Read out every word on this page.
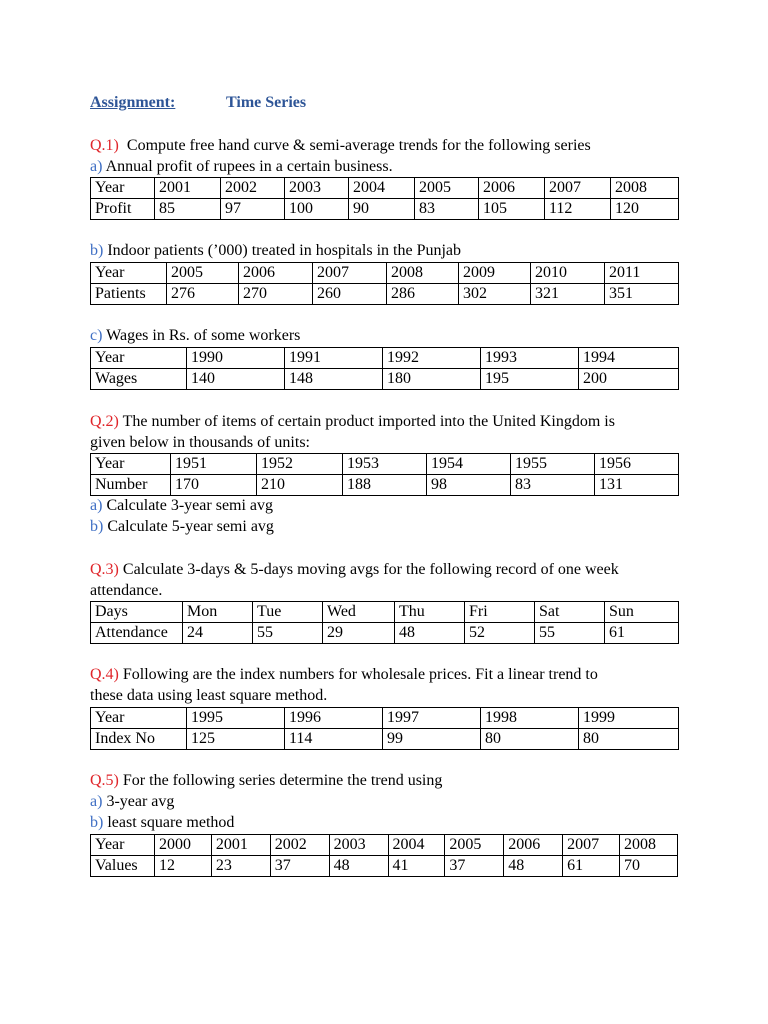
Assignment:	Time Series
Q.1) Compute free hand curve & semi-average trends for the following series
a) Annual profit of rupees in a certain business.
Year	2001	2002	2003	2004	2005	2006	2007	2008
Profit	85	97	100	90	83	105	112	120
b) Indoor patients (’000) treated in hospitals in the Punjab
Year	2005	2006	2007	2008	2009	2010	2011
Patients	276	270	260	286	302	321	351
c) Wages in Rs. of some workers
Year	1990	1991	1992	1993	1994
Wages	140	148	180	195	200
Q.2) The number of items of certain product imported into the United Kingdom is
given below in thousands of units:
Year	1951	1952	1953	1954	1955	1956
Number	170	210	188	98	83	131
a) Calculate 3-year semi avg
b) Calculate 5-year semi avg
Q.3) Calculate 3-days & 5-days moving avgs for the following record of one week
attendance.
Days	Mon	Tue	Wed	Thu	Fri	Sat	Sun
Attendance	24	55	29	48	52	55	61
Q.4) Following are the index numbers for wholesale prices. Fit a linear trend to
these data using least square method.
Year	1995	1996	1997	1998	1999
Index No	125	114	99	80	80
Q.5) For the following series determine the trend using
a) 3-year avg
b) least square method
Year	2000	2001	2002	2003	2004	2005	2006	2007	2008
Values	12	23	37	48	41	37	48	61	70
